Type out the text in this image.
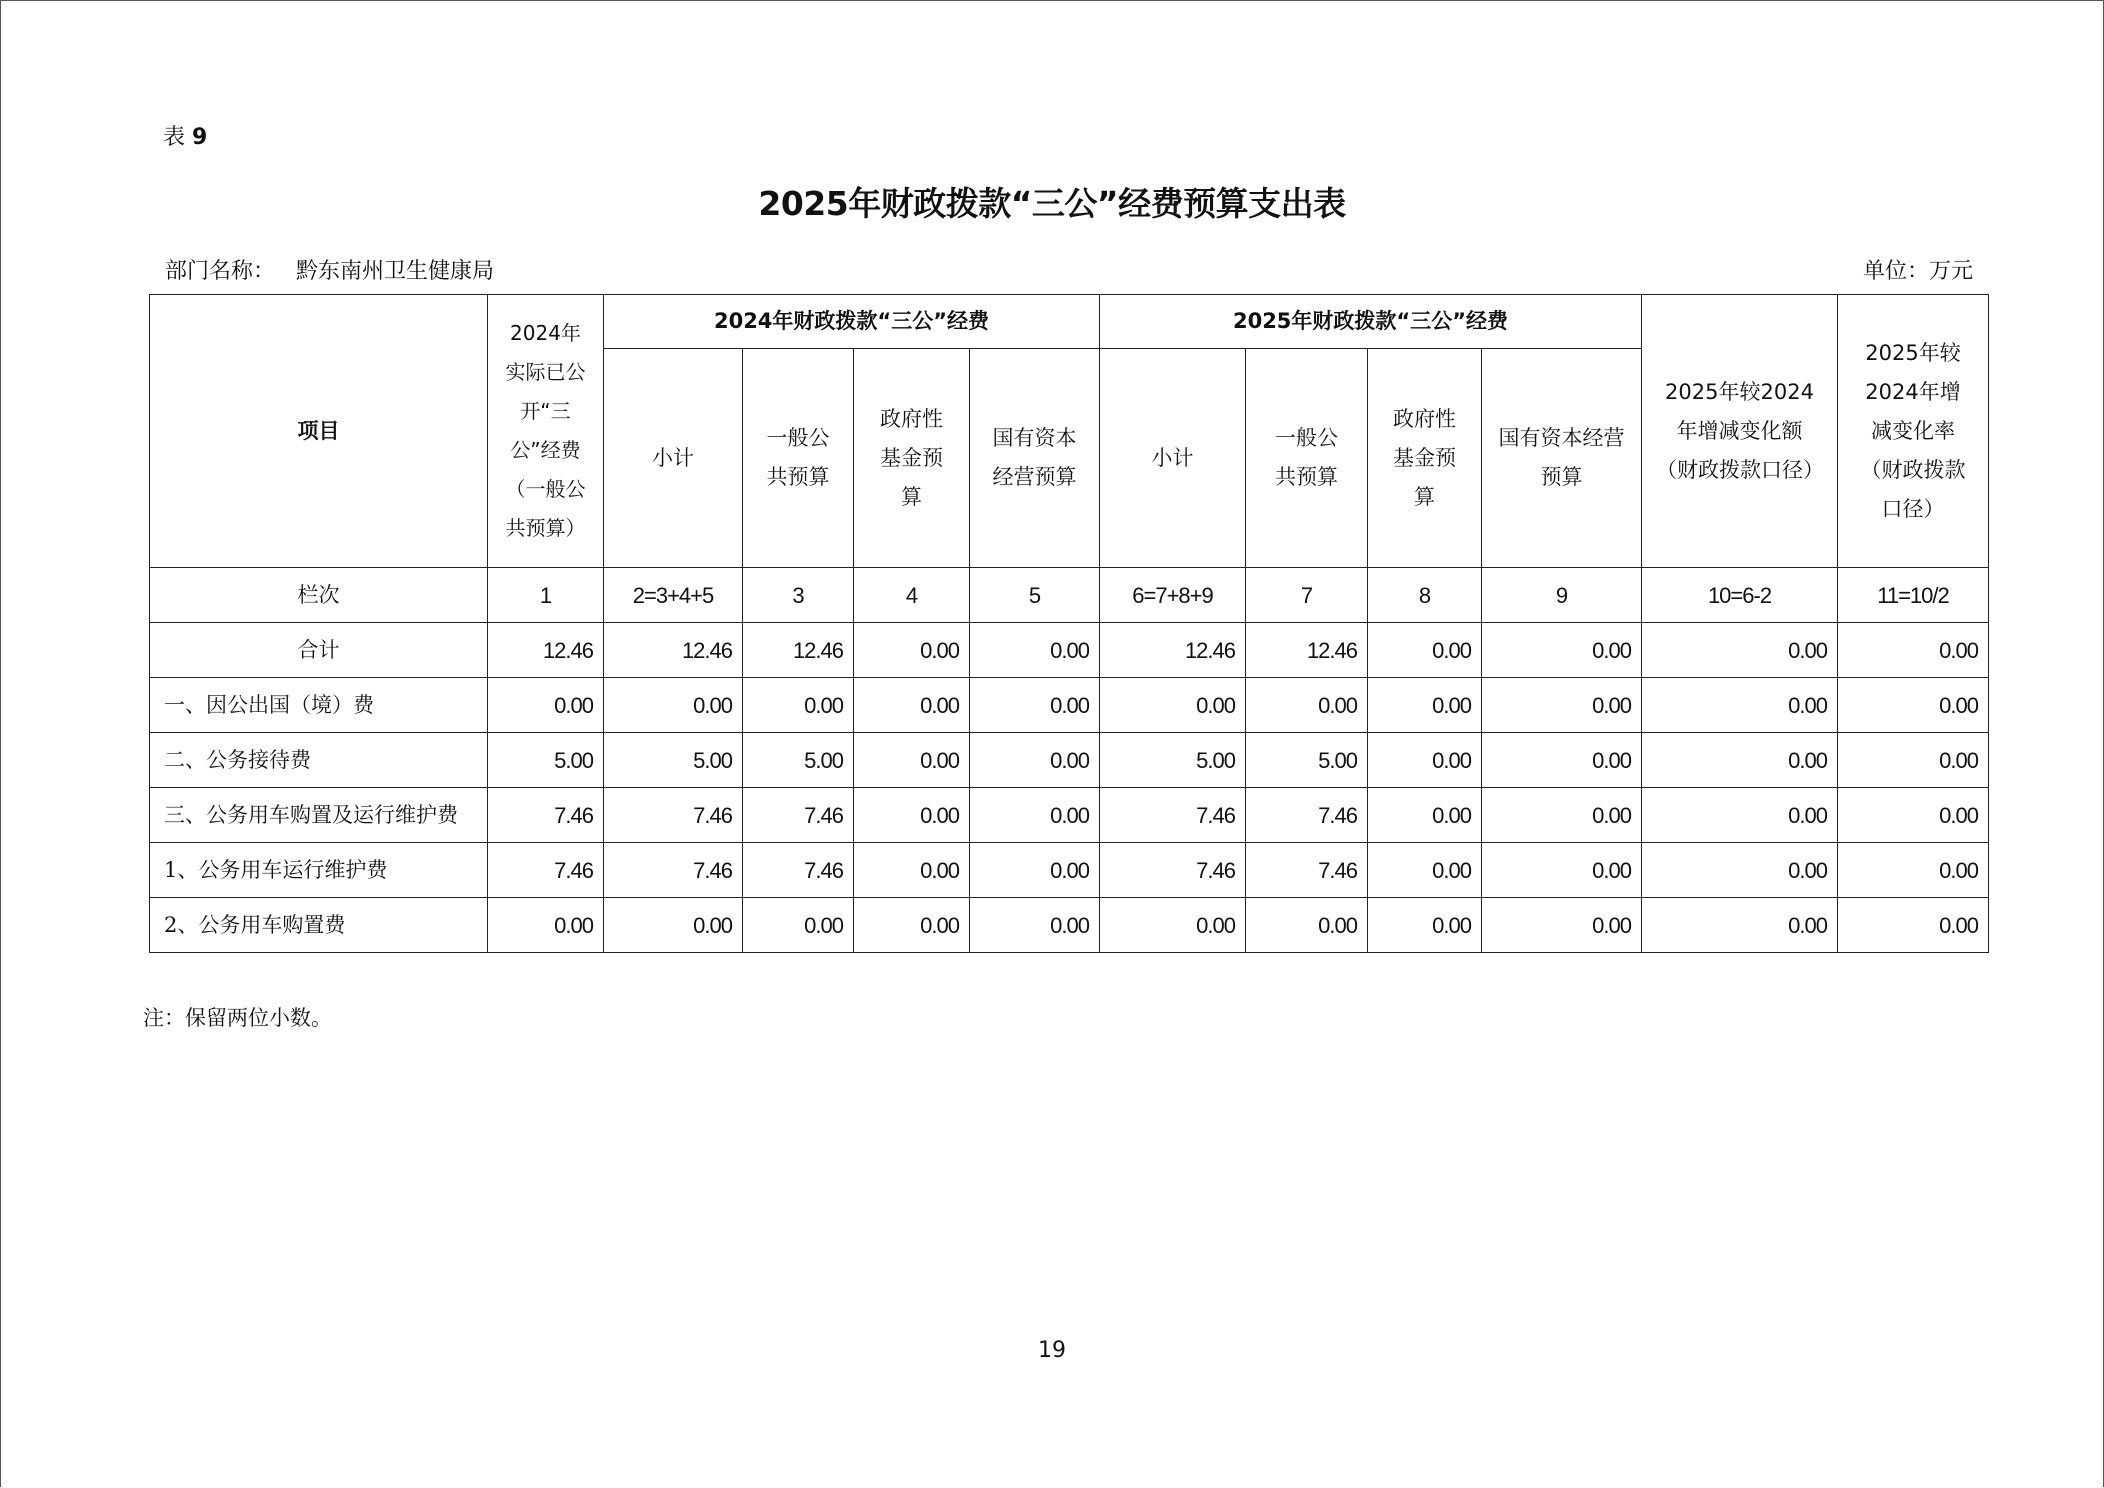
表 9
2025年财政拨款“三公”经费预算支出表
部门名称： 黔东南州卫生健康局	单位：万元
项目	2024年实际已公开“三公”经费（一般公共预算）	2024年财政拨款“三公”经费				2025年财政拨款“三公”经费				2025年较2024年增减变化额（财政拨款口径）	2025年较2024年增减变化率（财政拨款口径）

		小计	一般公共预算	政府性基金预算	国有资本经营预算	小计	一般公共预算	政府性基金预算	国有资本经营预算		

栏次	1	2=3+4+5	3	4	5	6=7+8+9	7	8	9	10=6-2	11=10/2
合计	12.46	12.46	12.46	0.00	0.00	12.46	12.46	0.00	0.00	0.00	0.00
一、因公出国（境）费	0.00	0.00	0.00	0.00	0.00	0.00	0.00	0.00	0.00	0.00	0.00
二、公务接待费	5.00	5.00	5.00	0.00	0.00	5.00	5.00	0.00	0.00	0.00	0.00
三、公务用车购置及运行维护费	7.46	7.46	7.46	0.00	0.00	7.46	7.46	0.00	0.00	0.00	0.00
1、公务用车运行维护费	7.46	7.46	7.46	0.00	0.00	7.46	7.46	0.00	0.00	0.00	0.00
2、公务用车购置费	0.00	0.00	0.00	0.00	0.00	0.00	0.00	0.00	0.00	0.00	0.00
注：保留两位小数。
19
